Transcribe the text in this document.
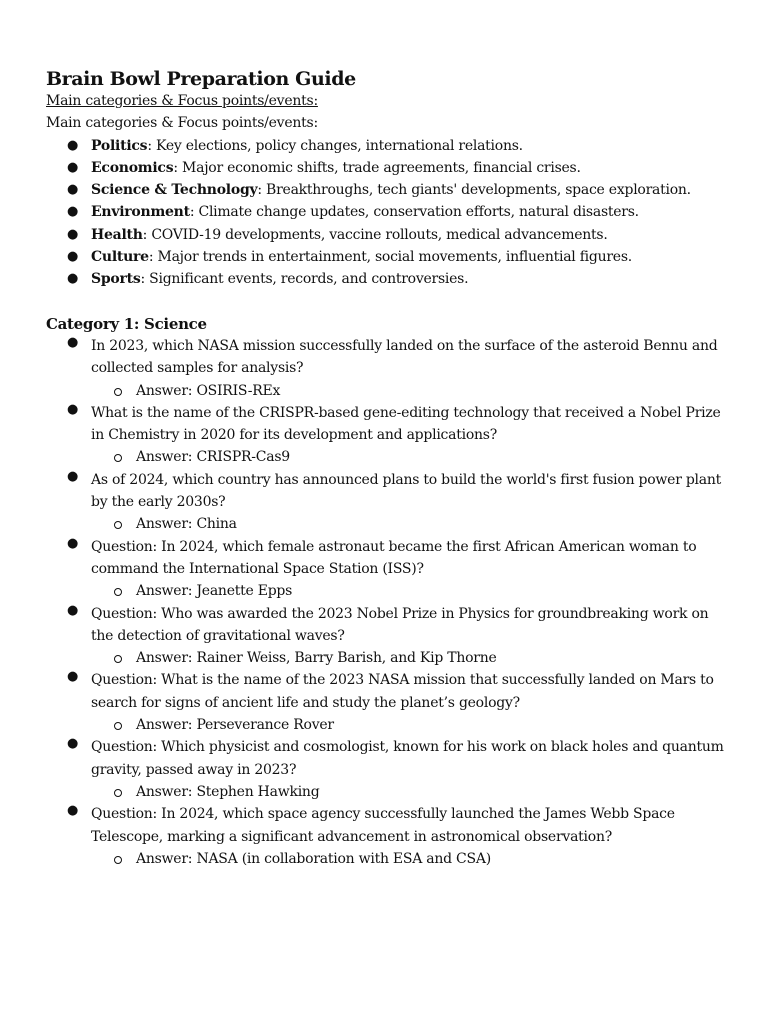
Brain Bowl Preparation Guide
Main categories & Focus points/events:
Main categories & Focus points/events:
● Politics: Key elections, policy changes, international relations.
● Economics: Major economic shifts, trade agreements, financial crises.
● Science & Technology: Breakthroughs, tech giants' developments, space exploration.
● Environment: Climate change updates, conservation efforts, natural disasters.
● Health: COVID-19 developments, vaccine rollouts, medical advancements.
● Culture: Major trends in entertainment, social movements, influential figures.
● Sports: Significant events, records, and controversies.
Category 1: Science
● In 2023, which NASA mission successfully landed on the surface of the asteroid Bennu and collected samples for analysis?
Answer: OSIRIS-REx
● What is the name of the CRISPR-based gene-editing technology that received a Nobel Prize in Chemistry in 2020 for its development and applications?
Answer: CRISPR-Cas9
● As of 2024, which country has announced plans to build the world's first fusion power plant by the early 2030s?
Answer: China
● Question: In 2024, which female astronaut became the first African American woman to command the International Space Station (ISS)?
Answer: Jeanette Epps
● Question: Who was awarded the 2023 Nobel Prize in Physics for groundbreaking work on the detection of gravitational waves?
Answer: Rainer Weiss, Barry Barish, and Kip Thorne
● Question: What is the name of the 2023 NASA mission that successfully landed on Mars to search for signs of ancient life and study the planet’s geology?
Answer: Perseverance Rover
● Question: Which physicist and cosmologist, known for his work on black holes and quantum gravity, passed away in 2023?
Answer: Stephen Hawking
● Question: In 2024, which space agency successfully launched the James Webb Space Telescope, marking a significant advancement in astronomical observation?
Answer: NASA (in collaboration with ESA and CSA)
